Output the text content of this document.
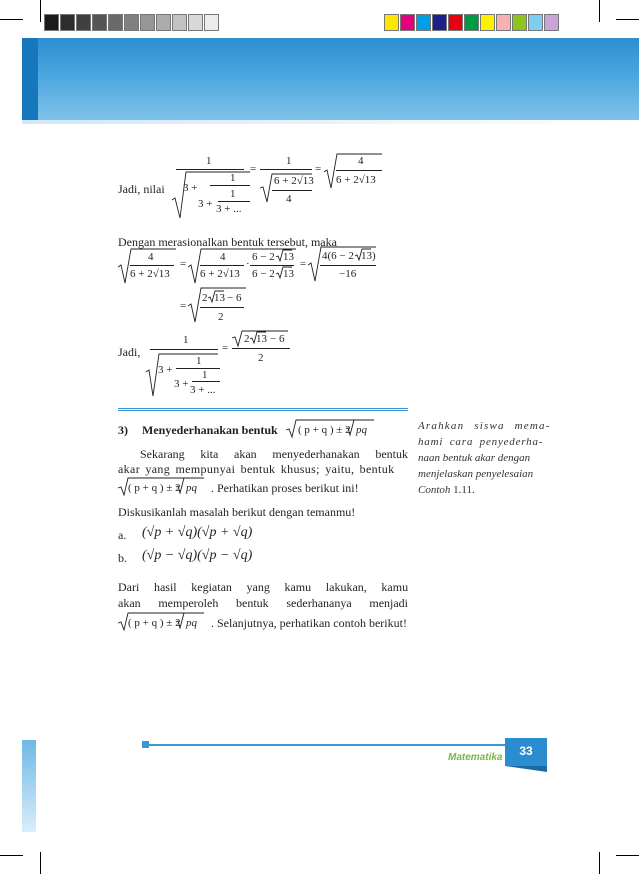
Jadi, nilai
1
3 +
1
3 +
1
3 + ...
=
1
6 + 2√13
4
=
4
6 + 2√13
Dengan merasionalkan bentuk tersebut, maka
4
6 + 2√13
=
4
6 + 2√13
·
6 − 2 13
6 − 2 13
=
4(6 − 2 13 )
−16
=
2 13 − 6
2
Jadi,
1
3 +
1
3 +
1
3 + ...
=
2 13 − 6
2
3) Menyederhanakan bentuk ( p + q ) ± 2 pq
Sekarang kita akan menyederhanakan bentuk
akar yang mempunyai bentuk khusus; yaitu, bentuk
( p + q ) ± 2 pq . Perhatikan proses berikut ini!
Diskusikanlah masalah berikut dengan temanmu!
a. (√p + √q)(√p + √q)
b. (√p − √q)(√p − √q)
Dari hasil kegiatan yang kamu lakukan, kamu
akan memperoleh bentuk sederhananya menjadi
( p + q ) ± 2 pq . Selanjutnya, perhatikan contoh berikut!
Arahkan siswa mema-
hami cara penyederha-
naan bentuk akar dengan
menjelaskan penyelesaian
Contoh 1.11.
Matematika	33
